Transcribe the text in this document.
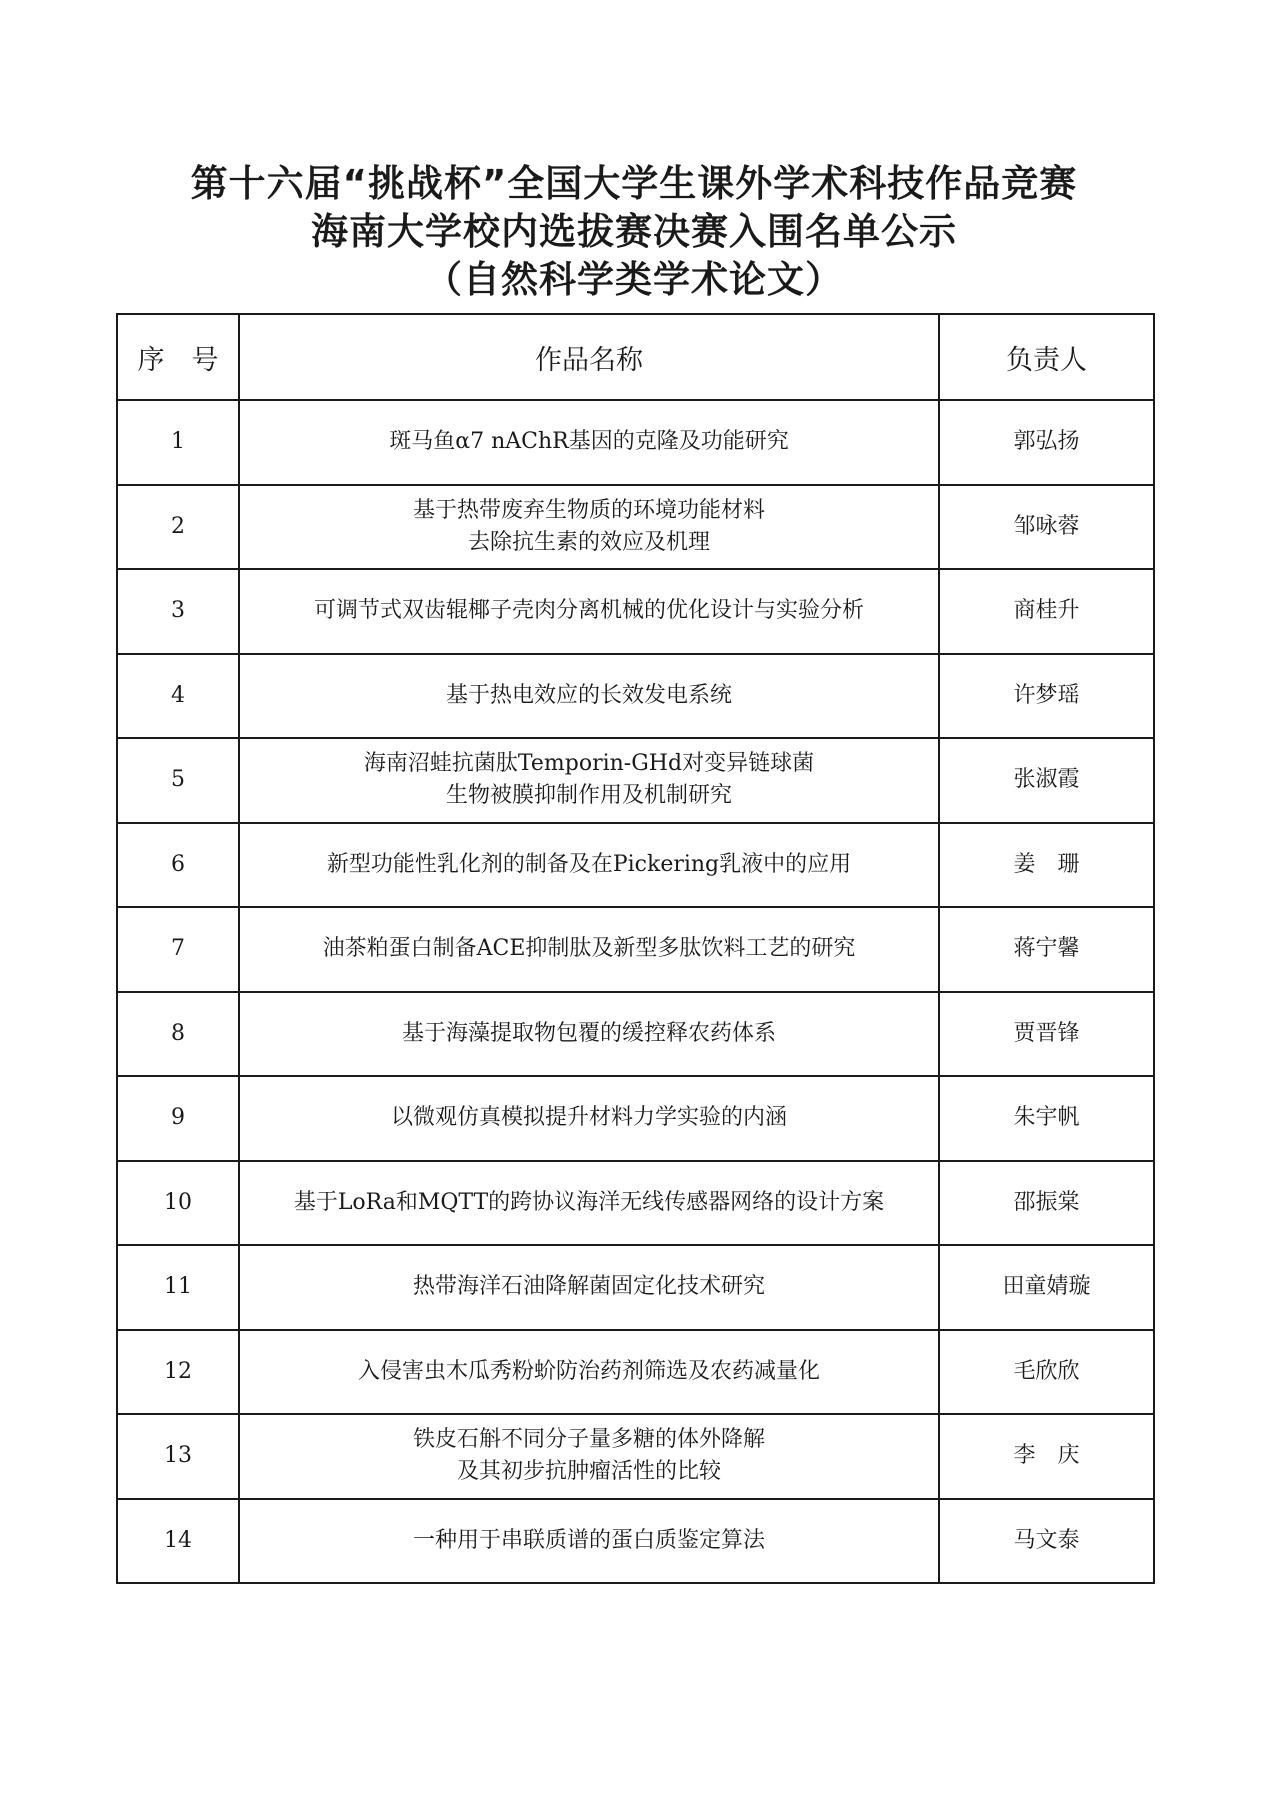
第十六届“挑战杯”全国大学生课外学术科技作品竞赛
海南大学校内选拔赛决赛入围名单公示
（自然科学类学术论文）
序　号	作品名称	负责人
1	斑马鱼α7 nAChR基因的克隆及功能研究	郭弘扬
2	基于热带废弃生物质的环境功能材料
去除抗生素的效应及机理	邹咏蓉
3	可调节式双齿辊椰子壳肉分离机械的优化设计与实验分析	商桂升
4	基于热电效应的长效发电系统	许梦瑶
5	海南沼蛙抗菌肽Temporin-GHd对变异链球菌
生物被膜抑制作用及机制研究	张淑霞
6	新型功能性乳化剂的制备及在Pickering乳液中的应用	姜　珊
7	油茶粕蛋白制备ACE抑制肽及新型多肽饮料工艺的研究	蒋宁馨
8	基于海藻提取物包覆的缓控释农药体系	贾晋锋
9	以微观仿真模拟提升材料力学实验的内涵	朱宇帆
10	基于LoRa和MQTT的跨协议海洋无线传感器网络的设计方案	邵振棠
11	热带海洋石油降解菌固定化技术研究	田童婧璇
12	入侵害虫木瓜秀粉蚧防治药剂筛选及农药减量化	毛欣欣
13	铁皮石斛不同分子量多糖的体外降解
及其初步抗肿瘤活性的比较	李　庆
14	一种用于串联质谱的蛋白质鉴定算法	马文泰
